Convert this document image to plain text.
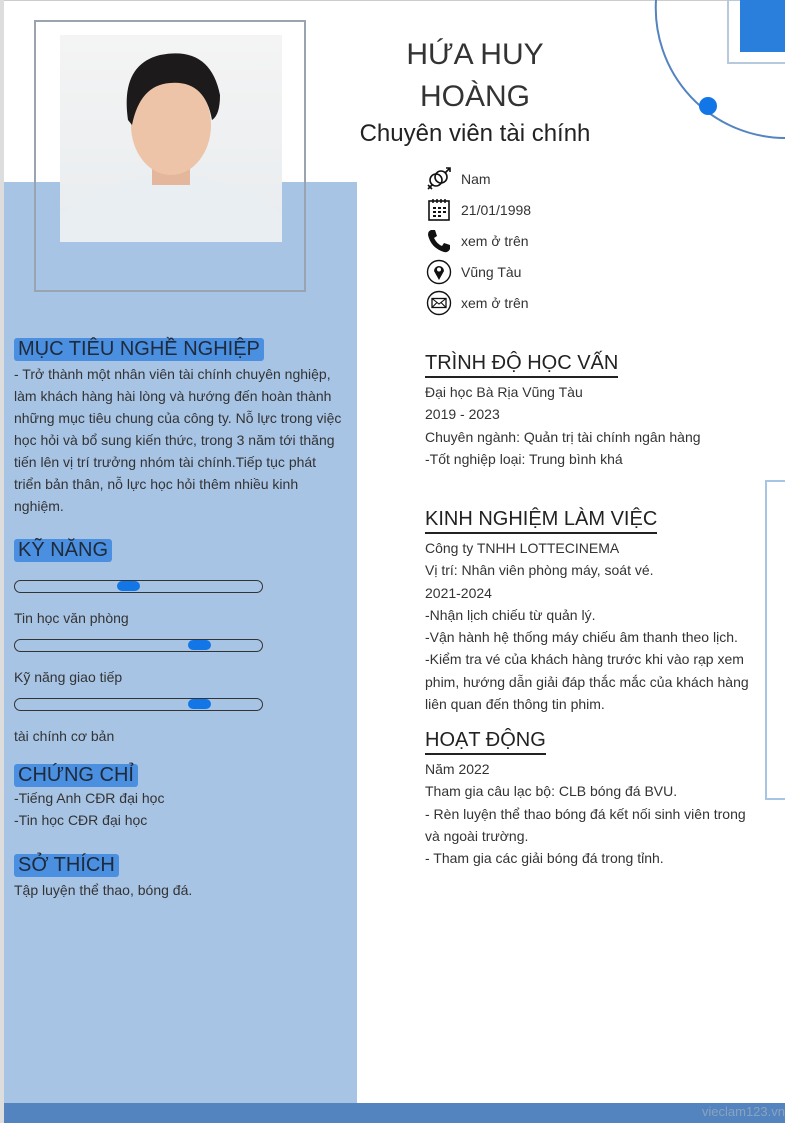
HỨA HUY
HOÀNG
Chuyên viên tài chính
Nam
21/01/1998
xem ở trên
Vũng Tàu
xem ở trên
MỤC TIÊU NGHỀ NGHIỆP
- Trở thành một nhân viên tài chính chuyên nghiệp, làm khách hàng hài lòng và hướng đến hoàn thành những mục tiêu chung của công ty. Nỗ lực trong việc học hỏi và bổ sung kiến thức, trong 3 năm tới thăng tiến lên vị trí trưởng nhóm tài chính.Tiếp tục phát triển bản thân, nỗ lực học hỏi thêm nhiều kinh nghiệm.
KỸ NĂNG
Tin học văn phòng
Kỹ năng giao tiếp
tài chính cơ bản
CHỨNG CHỈ
-Tiếng Anh CĐR đại học
-Tin học CĐR đại học
SỞ THÍCH
Tập luyện thể thao, bóng đá.
TRÌNH ĐỘ HỌC VẤN
Đại học Bà Rịa Vũng Tàu
2019 - 2023
Chuyên ngành: Quản trị tài chính ngân hàng
-Tốt nghiệp loại: Trung bình khá
KINH NGHIỆM LÀM VIỆC
Công ty TNHH LOTTECINEMA
Vị trí: Nhân viên phòng máy, soát vé.
2021-2024
-Nhận lịch chiếu từ quản lý.
-Vận hành hệ thống máy chiếu âm thanh theo lịch.
-Kiểm tra vé của khách hàng trước khi vào rạp xem phim, hướng dẫn giải đáp thắc mắc của khách hàng liên quan đến thông tin phim.
HOẠT ĐỘNG
Năm 2022
Tham gia câu lạc bộ: CLB bóng đá BVU.
- Rèn luyện thể thao bóng đá kết nối sinh viên trong và ngoài trường.
- Tham gia các giải bóng đá trong tỉnh.
vieclam123.vn
